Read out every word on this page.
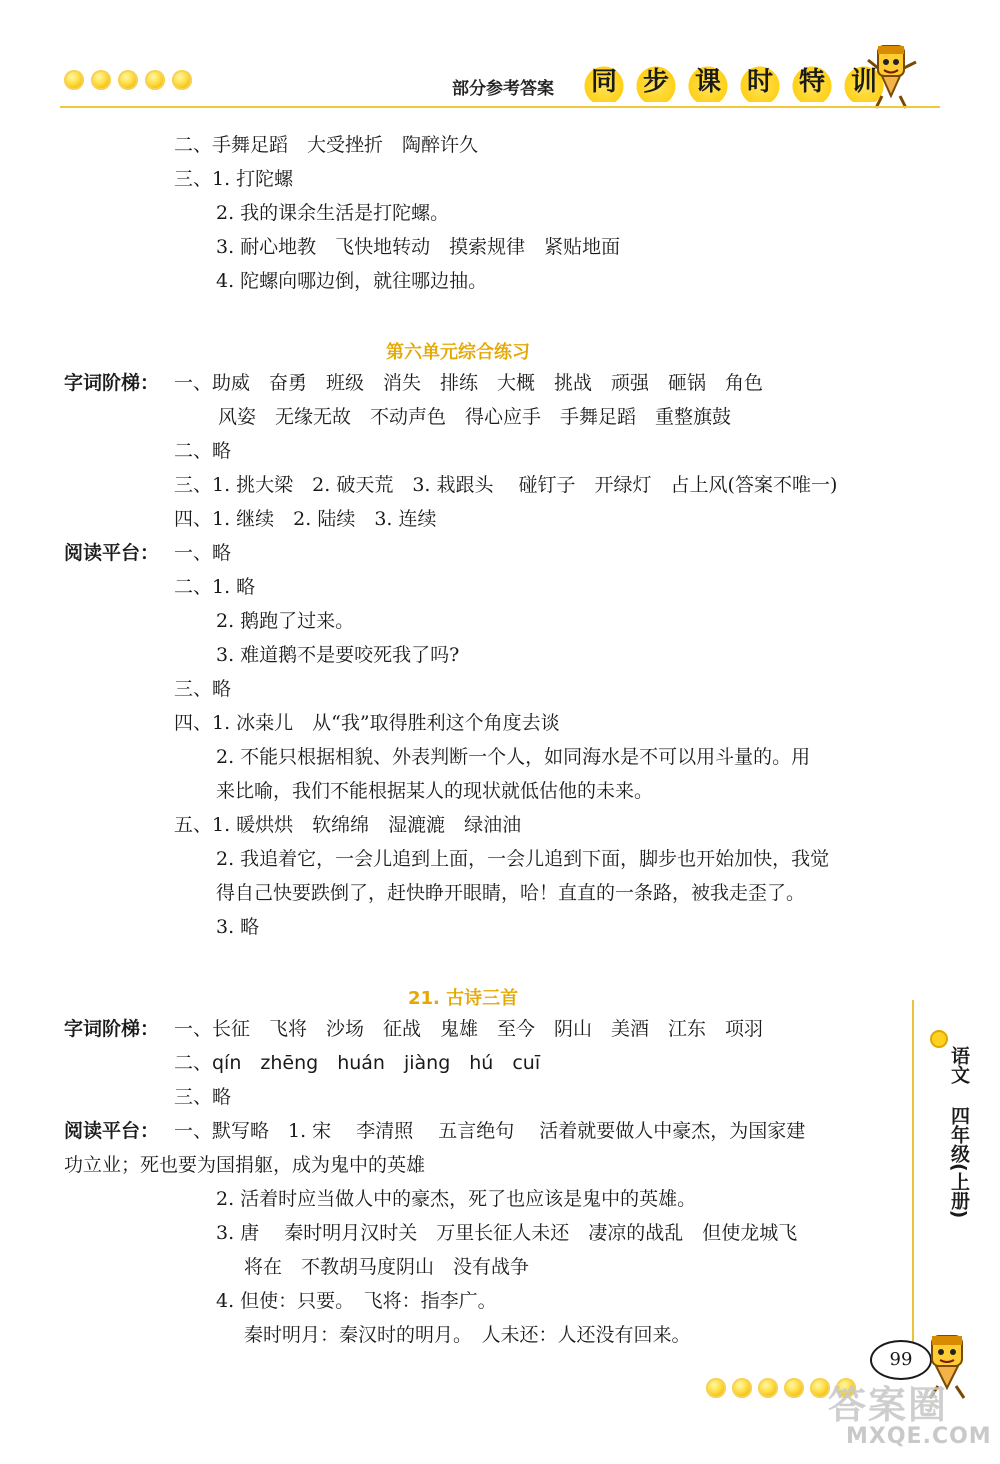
部分参考答案 同 步 课 时 特 训
二、手舞足蹈　大受挫折　陶醉许久
三、1. 打陀螺
2. 我的课余生活是打陀螺。
3. 耐心地教　飞快地转动　摸索规律　紧贴地面
4. 陀螺向哪边倒，就往哪边抽。
第六单元综合练习
字词阶梯： 一、助威　奋勇　班级　消失　排练　大概　挑战　顽强　砸锅　角色
风姿　无缘无故　不动声色　得心应手　手舞足蹈　重整旗鼓
二、略
三、1. 挑大梁　2. 破天荒　3. 栽跟头　 碰钉子　开绿灯　占上风(答案不唯一)
四、1. 继续　2. 陆续　3. 连续
阅读平台： 一、略
二、1. 略
2. 鹅跑了过来。
3. 难道鹅不是要咬死我了吗?
三、略
四、1. 冰桒儿　从“我”取得胜利这个角度去谈
2. 不能只根据相貌、外表判断一个人，如同海水是不可以用斗量的。用
来比喻，我们不能根据某人的现状就低估他的未来。
五、1. 暖烘烘　软绵绵　湿漉漉　绿油油
2. 我追着它，一会儿追到上面，一会儿追到下面，脚步也开始加快，我觉
得自己快要跌倒了，赶快睁开眼睛，哈！直直的一条路，被我走歪了。
3. 略
21. 古诗三首
字词阶梯： 一、长征　飞将　沙场　征战　鬼雄　至今　阴山　美酒　江东　项羽
二、qín　zhēng　huán　jiàng　hú　cuī
三、略
阅读平台： 一、默写略　1. 宋　 李清照　 五言绝句　 活着就要做人中豪杰，为国家建
功立业；死也要为国捐躯，成为鬼中的英雄
2. 活着时应当做人中的豪杰，死了也应该是鬼中的英雄。
3. 唐　 秦时明月汉时关　万里长征人未还　凄凉的战乱　但使龙城飞
将在　不教胡马度阴山　没有战争
4. 但使：只要。　飞将：指李广。
秦时明月：秦汉时的明月。　人未还：人还没有回来。
语文
四年级(上册)
99
答案圈
MXQE.COM
